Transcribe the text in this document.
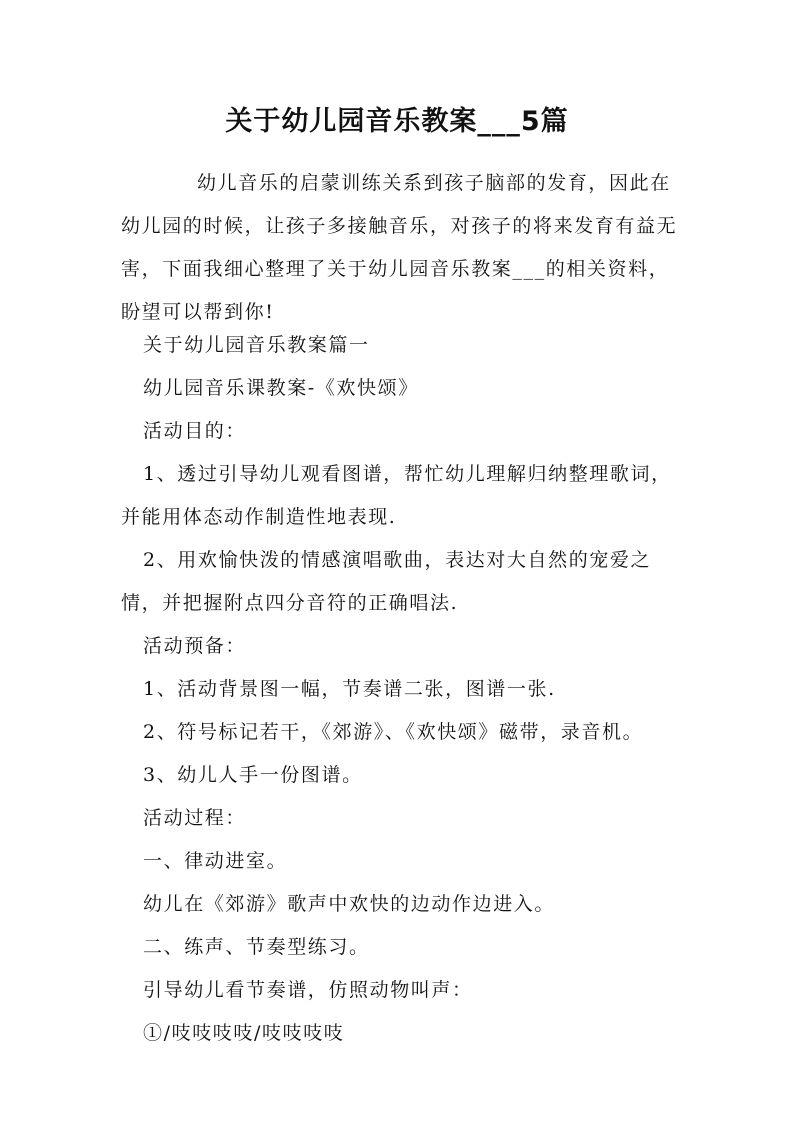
关于幼儿园音乐教案___5篇

幼儿音乐的启蒙训练关系到孩子脑部的发育，因此在幼儿园的时候，让孩子多接触音乐，对孩子的将来发育有益无害，下面我细心整理了关于幼儿园音乐教案___的相关资料，盼望可以帮到你!

关于幼儿园音乐教案篇一

幼儿园音乐课教案-《欢快颂》

活动目的：

1、透过引导幼儿观看图谱，帮忙幼儿理解归纳整理歌词，

并能用体态动作制造性地表现.

2、用欢愉快泼的情感演唱歌曲，表达对大自然的宠爱之

情，并把握附点四分音符的正确唱法.

活动预备：

1、活动背景图一幅，节奏谱二张，图谱一张.

2、符号标记若干，《郊游》、《欢快颂》磁带，录音机。

3、幼儿人手一份图谱。

活动过程：

一、律动进室。

幼儿在《郊游》歌声中欢快的边动作边进入。

二、练声、节奏型练习。

引导幼儿看节奏谱，仿照动物叫声：

①/吱吱吱吱/吱吱吱吱
